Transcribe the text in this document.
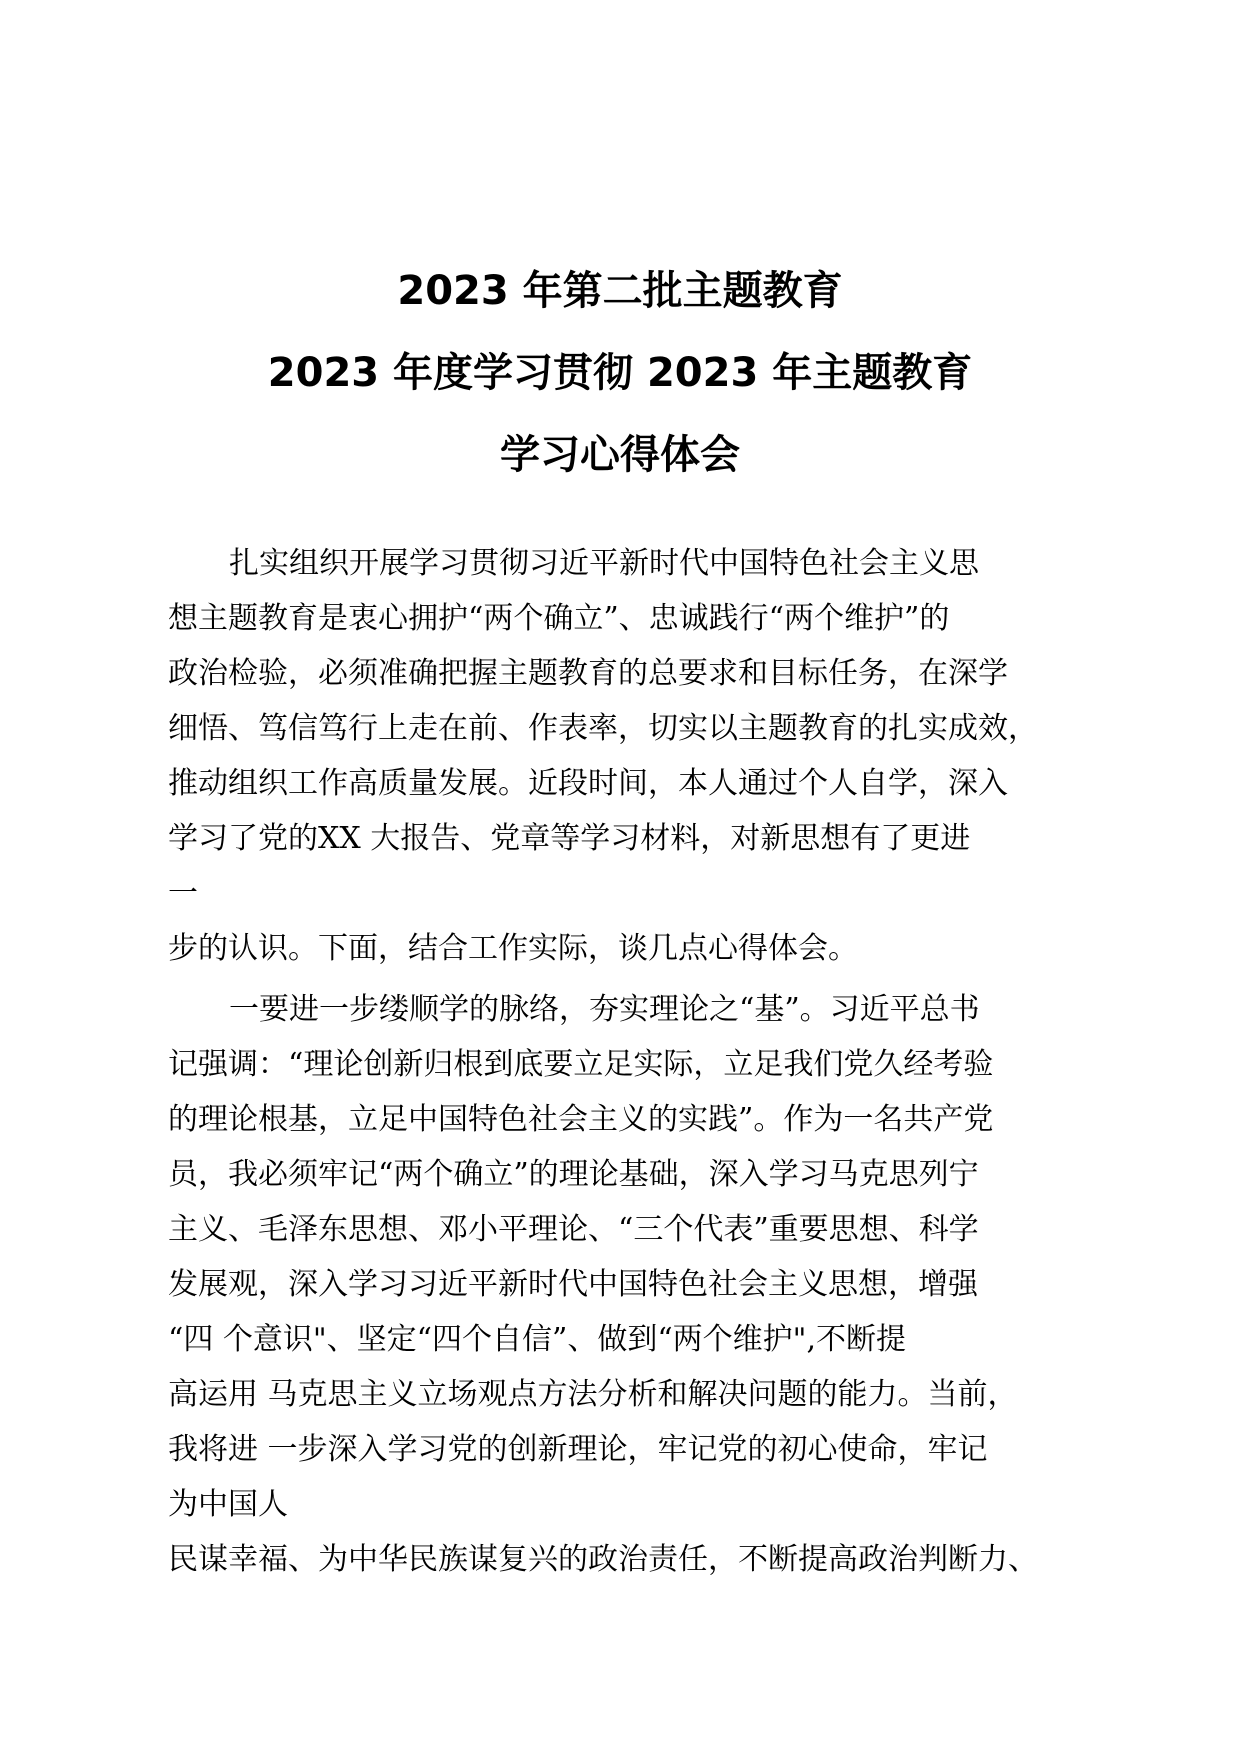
2023 年第二批主题教育
2023 年度学习贯彻 2023 年主题教育
学习心得体会
扎实组织开展学习贯彻习近平新时代中国特色社会主义思
想主题教育是衷心拥护“两个确立”、忠诚践行“两个维护”的
政治检验，必须准确把握主题教育的总要求和目标任务，在深学
细悟、笃信笃行上走在前、作表率，切实以主题教育的扎实成效，
推动组织工作高质量发展。近段时间，本人通过个人自学，深入
学习了党的XX 大报告、党章等学习材料，对新思想有了更进
一
步的认识。下面，结合工作实际，谈几点心得体会。
一要进一步缕顺学的脉络，夯实理论之“基”。习近平总书
记强调：“理论创新归根到底要立足实际，立足我们党久经考验
的理论根基，立足中国特色社会主义的实践”。作为一名共产党
员，我必须牢记“两个确立”的理论基础，深入学习马克思列宁
主义、毛泽东思想、邓小平理论、“三个代表”重要思想、科学
发展观，深入学习习近平新时代中国特色社会主义思想，增强
“四 个意识"、坚定“四个自信”、做到“两个维护",不断提
高运用 马克思主义立场观点方法分析和解决问题的能力。当前，
我将进 一步深入学习党的创新理论，牢记党的初心使命，牢记
为中国人
民谋幸福、为中华民族谋复兴的政治责任，不断提高政治判断力、
